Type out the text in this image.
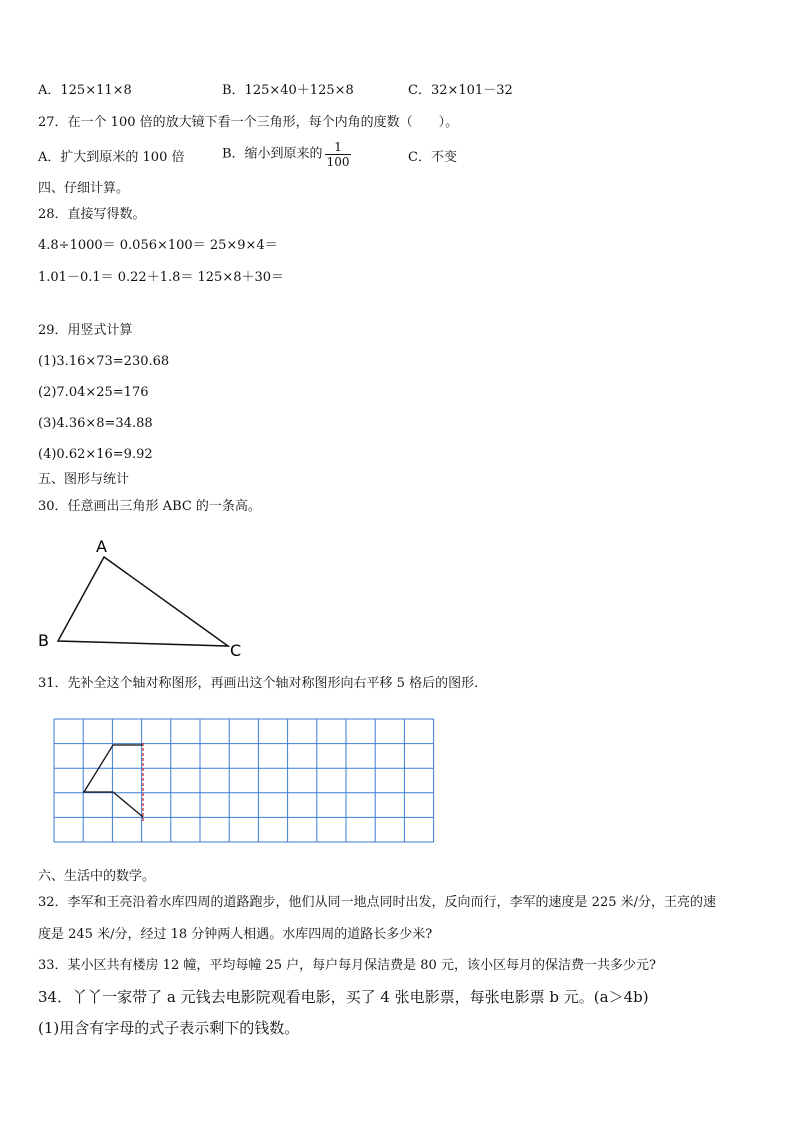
A．125×11×8	B．125×40＋125×8	C．32×101－32
27．在一个 100 倍的放大镜下看一个三角形，每个内角的度数（　　）。
A．扩大到原米的 100 倍	B．缩小到原来的 $\frac{1}{100}$	C．不变
四、仔细计算。
28．直接写得数。
4.8÷1000＝ 0.056×100＝ 25×9×4＝
1.01－0.1＝ 0.22＋1.8＝ 125×8＋30＝
29．用竖式计算
(1)3.16×73=230.68
(2)7.04×25=176
(3)4.36×8=34.88
(4)0.62×16=9.92
五、图形与统计
30．任意画出三角形 ABC 的一条高。
A
B
C
31．先补全这个轴对称图形，再画出这个轴对称图形向右平移 5 格后的图形.
六、生活中的数学。
32．李军和王亮沿着水库四周的道路跑步，他们从同一地点同时出发，反向而行，李军的速度是 225 米/分，王亮的速
度是 245 米/分，经过 18 分钟两人相遇。水库四周的道路长多少米?
33．某小区共有楼房 12 幢，平均每幢 25 户，每户每月保洁费是 80 元，该小区每月的保洁费一共多少元?
34．丫丫一家带了 a 元钱去电影院观看电影，买了 4 张电影票，每张电影票 b 元。(a＞4b)
(1)用含有字母的式子表示剩下的钱数。
